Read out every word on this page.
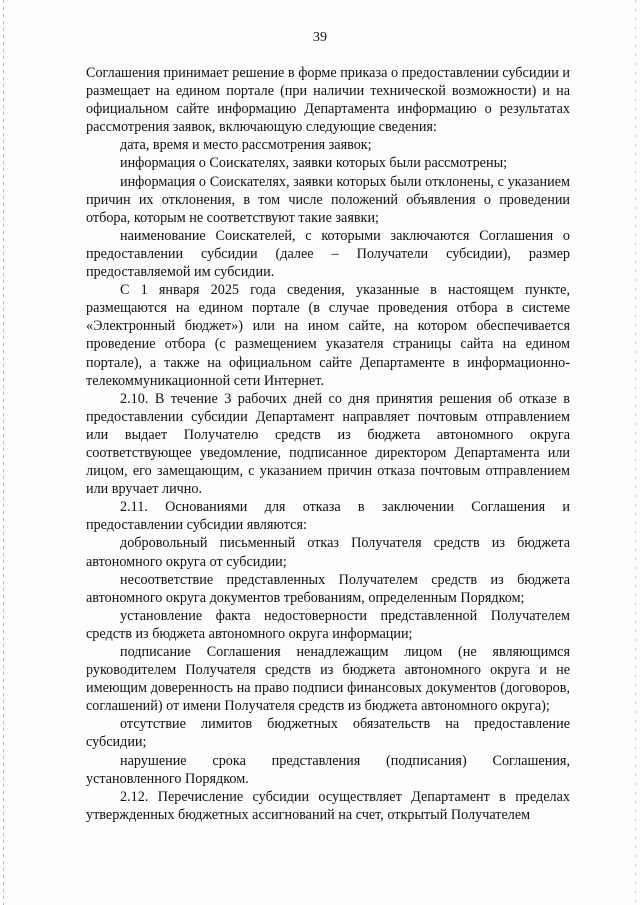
39

Соглашения принимает решение в форме приказа о предоставлении субсидии и размещает на едином портале (при наличии технической возможности) и на официальном сайте информацию Департамента информацию о результатах рассмотрения заявок, включающую следующие сведения:

дата, время и место рассмотрения заявок;

информация о Соискателях, заявки которых были рассмотрены;

информация о Соискателях, заявки которых были отклонены, с указанием причин их отклонения, в том числе положений объявления о проведении отбора, которым не соответствуют такие заявки;

наименование Соискателей, с которыми заключаются Соглашения о предоставлении субсидии (далее – Получатели субсидии), размер предоставляемой им субсидии.

С 1 января 2025 года сведения, указанные в настоящем пункте, размещаются на едином портале (в случае проведения отбора в системе «Электронный бюджет») или на ином сайте, на котором обеспечивается проведение отбора (с размещением указателя страницы сайта на едином портале), а также на официальном сайте Департаменте в информационно-телекоммуникационной сети Интернет.

2.10. В течение 3 рабочих дней со дня принятия решения об отказе в предоставлении субсидии Департамент направляет почтовым отправлением или выдает Получателю средств из бюджета автономного округа соответствующее уведомление, подписанное директором Департамента или лицом, его замещающим, с указанием причин отказа почтовым отправлением или вручает лично.

2.11. Основаниями для отказа в заключении Соглашения и предоставлении субсидии являются:

добровольный письменный отказ Получателя средств из бюджета автономного округа от субсидии;

несоответствие представленных Получателем средств из бюджета автономного округа документов требованиям, определенным Порядком;

установление факта недостоверности представленной Получателем средств из бюджета автономного округа информации;

подписание Соглашения ненадлежащим лицом (не являющимся руководителем Получателя средств из бюджета автономного округа и не имеющим доверенность на право подписи финансовых документов (договоров, соглашений) от имени Получателя средств из бюджета автономного округа);

отсутствие лимитов бюджетных обязательств на предоставление субсидии;

нарушение срока представления (подписания) Соглашения, установленного Порядком.

2.12. Перечисление субсидии осуществляет Департамент в пределах утвержденных бюджетных ассигнований на счет, открытый Получателем
